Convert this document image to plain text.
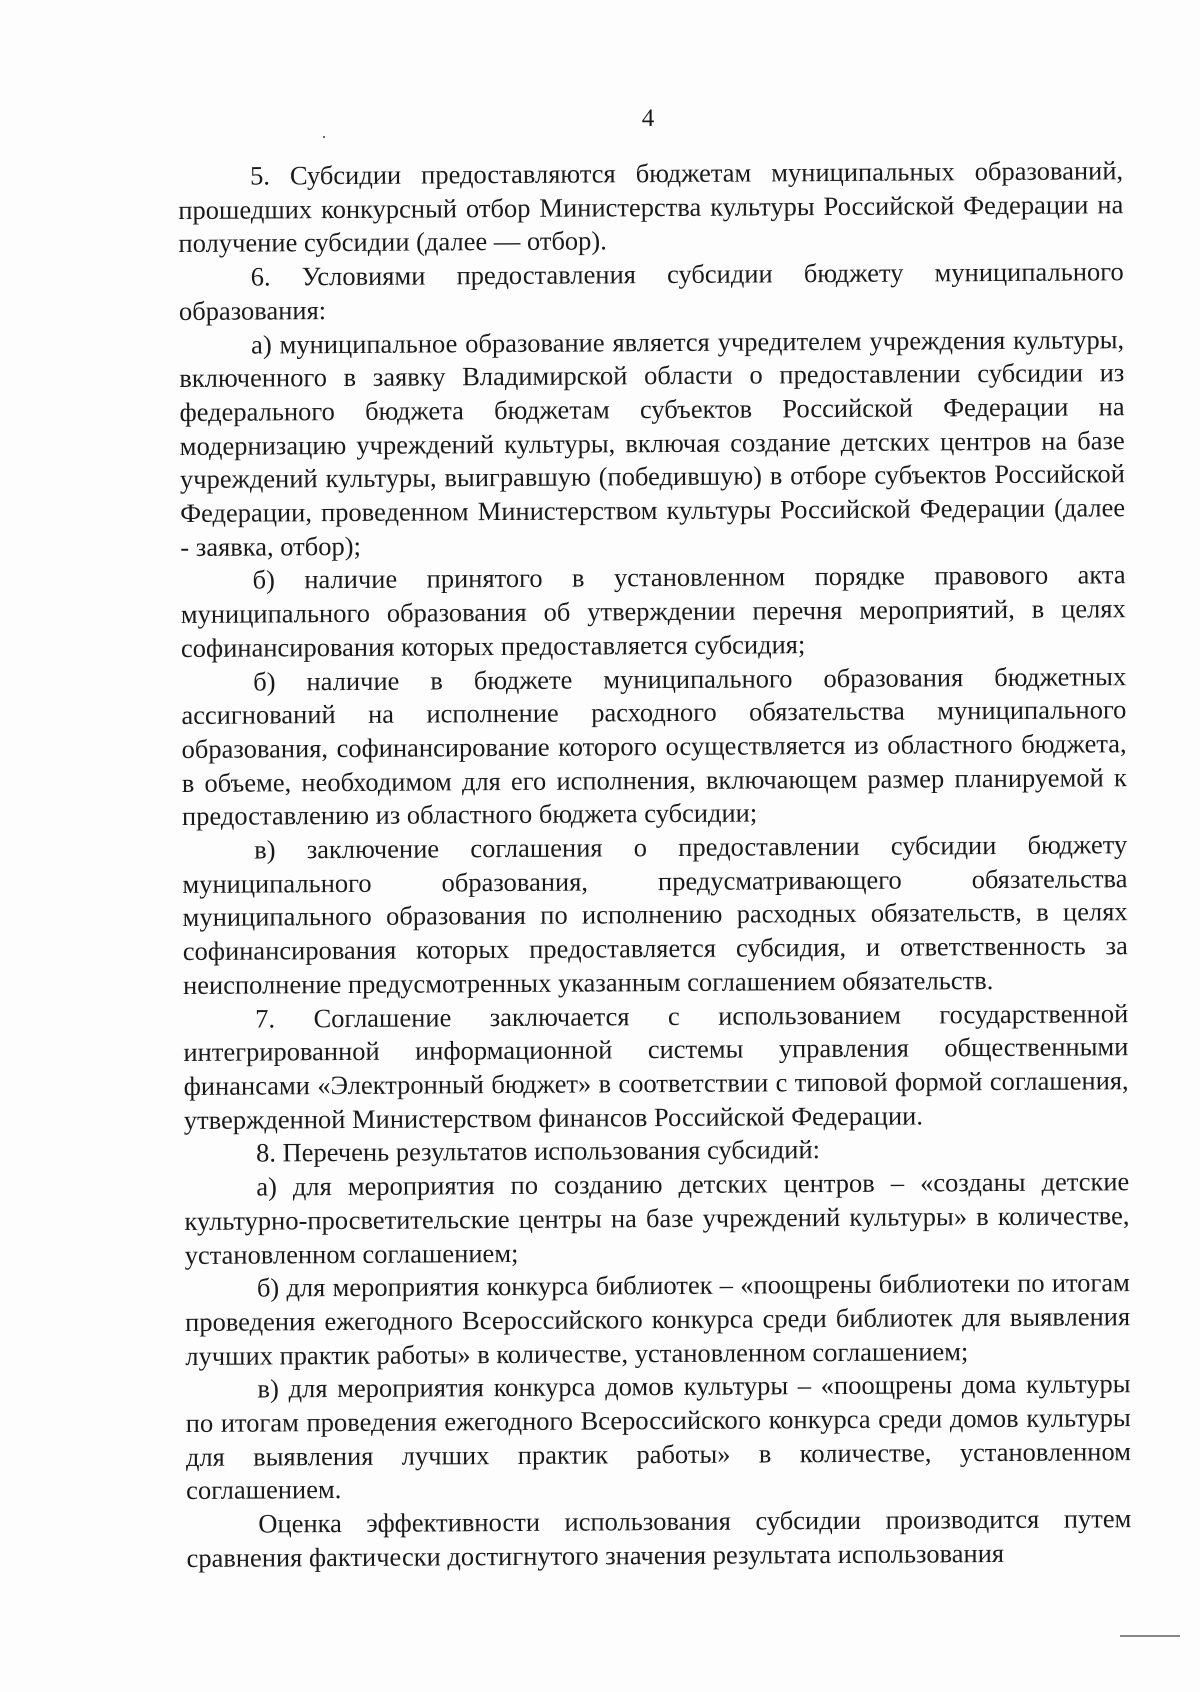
4

5. Субсидии предоставляются бюджетам муниципальных образований, прошедших конкурсный отбор Министерства культуры Российской Федерации на получение субсидии (далее — отбор).

6. Условиями предоставления субсидии бюджету муниципального образования:

а) муниципальное образование является учредителем учреждения культуры, включенного в заявку Владимирской области о предоставлении субсидии из федерального бюджета бюджетам субъектов Российской Федерации на модернизацию учреждений культуры, включая создание детских центров на базе учреждений культуры, выигравшую (победившую) в отборе субъектов Российской Федерации, проведенном Министерством культуры Российской Федерации (далее - заявка, отбор);

б) наличие принятого в установленном порядке правового акта муниципального образования об утверждении перечня мероприятий, в целях софинансирования которых предоставляется субсидия;

б) наличие в бюджете муниципального образования бюджетных ассигнований на исполнение расходного обязательства муниципального образования, софинансирование которого осуществляется из областного бюджета, в объеме, необходимом для его исполнения, включающем размер планируемой к предоставлению из областного бюджета субсидии;

в) заключение соглашения о предоставлении субсидии бюджету муниципального образования, предусматривающего обязательства муниципального образования по исполнению расходных обязательств, в целях софинансирования которых предоставляется субсидия, и ответственность за неисполнение предусмотренных указанным соглашением обязательств.

7. Соглашение заключается с использованием государственной интегрированной информационной системы управления общественными финансами «Электронный бюджет» в соответствии с типовой формой соглашения, утвержденной Министерством финансов Российской Федерации.

8. Перечень результатов использования субсидий:

а) для мероприятия по созданию детских центров – «созданы детские культурно-просветительские центры на базе учреждений культуры» в количестве, установленном соглашением;

б) для мероприятия конкурса библиотек – «поощрены библиотеки по итогам проведения ежегодного Всероссийского конкурса среди библиотек для выявления лучших практик работы» в количестве, установленном соглашением;

в) для мероприятия конкурса домов культуры – «поощрены дома культуры по итогам проведения ежегодного Всероссийского конкурса среди домов культуры для выявления лучших практик работы» в количестве, установленном соглашением.

Оценка эффективности использования субсидии производится путем сравнения фактически достигнутого значения результата использования
